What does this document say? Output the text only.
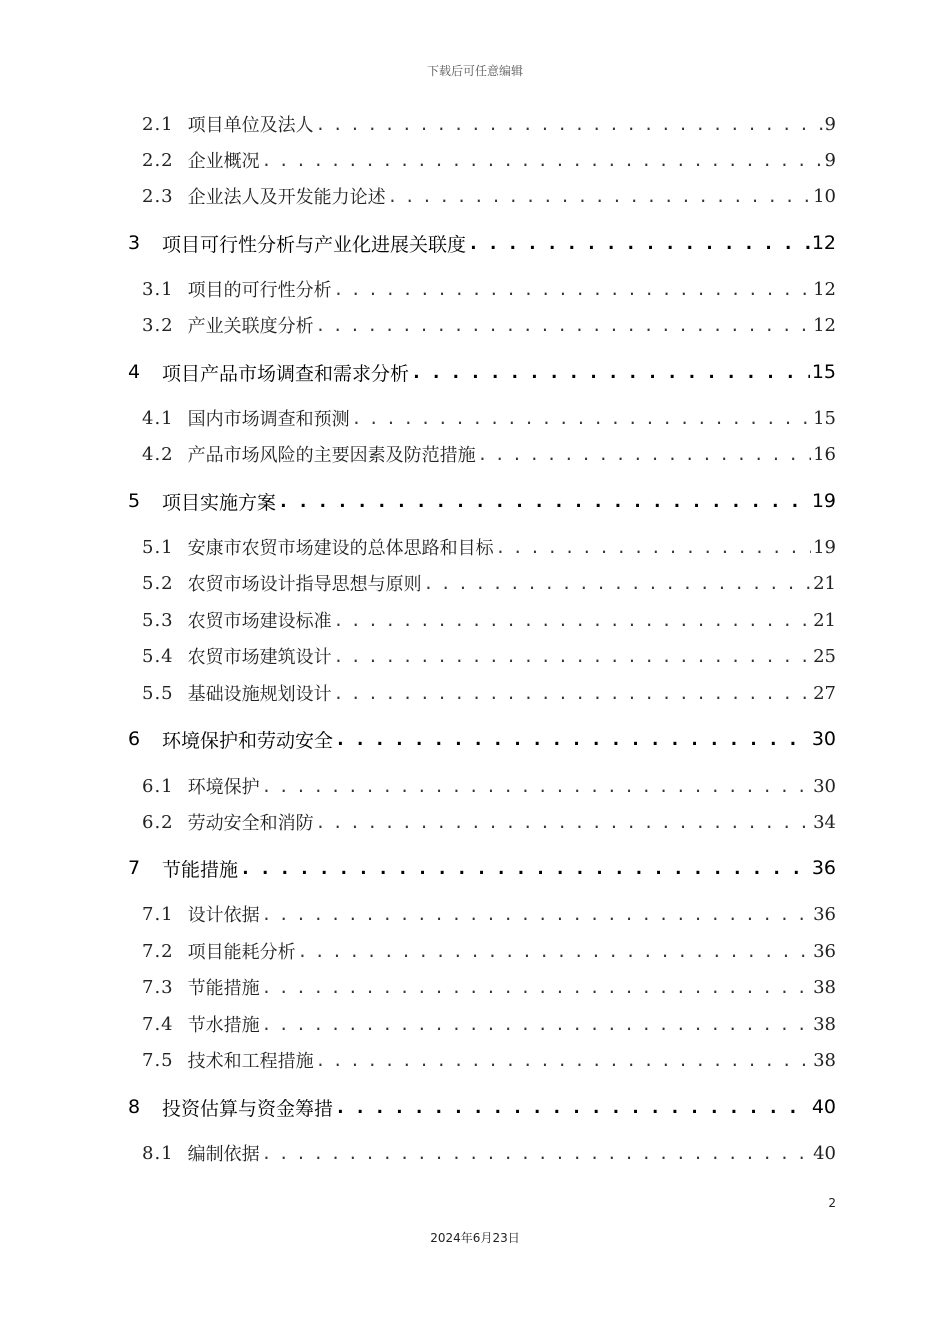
下载后可任意编辑
2.1 项目单位及法人 . . .	9
2.2 企业概况 . . .	9
2.3 企业法人及开发能力论述 . . .	10
3	项目可行性分析与产业化进展关联度 . . .	12
3.1 项目的可行性分析 . . .	12
3.2 产业关联度分析 . . .	12
4	项目产品市场调查和需求分析 . . .	15
4.1 国内市场调查和预测 . . .	15
4.2 产品市场风险的主要因素及防范措施 . . .	16
5	项目实施方案 . . .	19
5.1 安康市农贸市场建设的总体思路和目标 . . .	19
5.2 农贸市场设计指导思想与原则 . . .	21
5.3 农贸市场建设标准 . . .	21
5.4 农贸市场建筑设计 . . .	25
5.5 基础设施规划设计 . . .	27
6	环境保护和劳动安全 . . .	30
6.1 环境保护 . . .	30
6.2 劳动安全和消防 . . .	34
7	节能措施 . . .	36
7.1 设计依据 . . .	36
7.2 项目能耗分析 . . .	36
7.3 节能措施 . . .	38
7.4 节水措施 . . .	38
7.5 技术和工程措施 . . .	38
8	投资估算与资金筹措 . . .	40
8.1 编制依据 . . .	40
2
2024年6月23日
